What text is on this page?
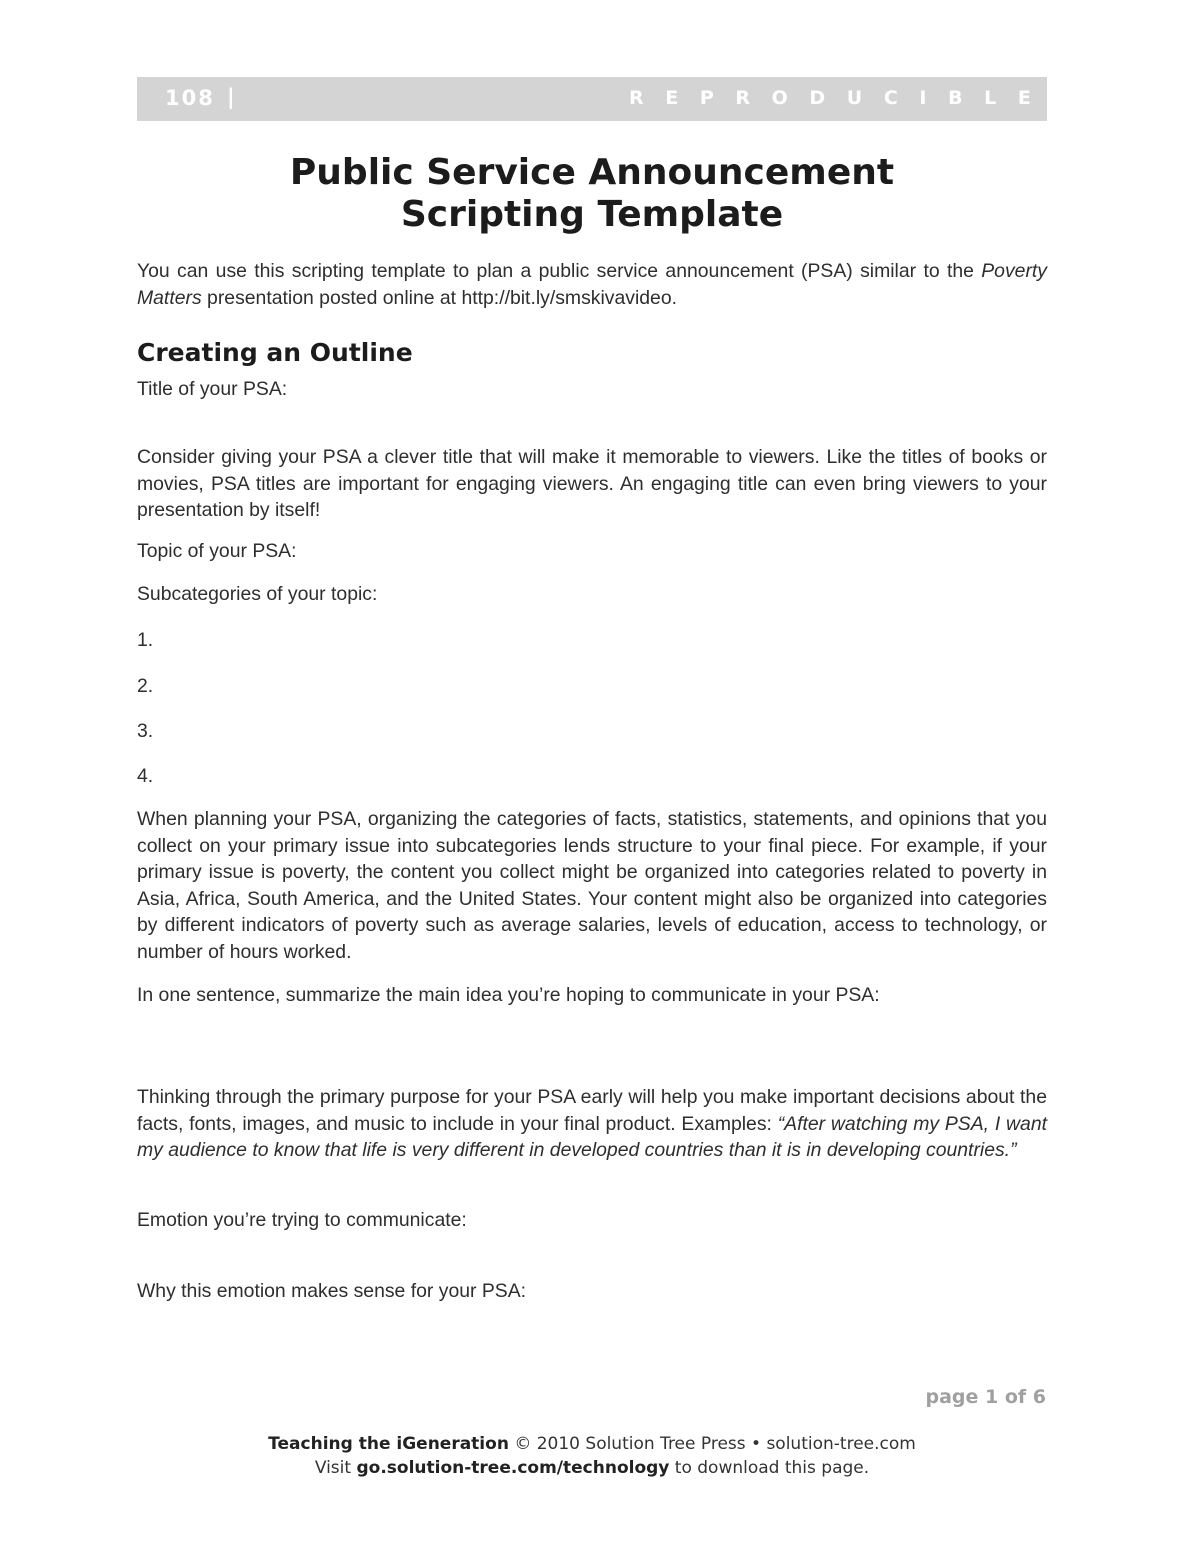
108 |	R E P R O D U C I B L E
Public Service Announcement
Scripting Template

You can use this scripting template to plan a public service announcement (PSA) similar to the Poverty Matters presentation posted online at http://bit.ly/smskivavideo.

Creating an Outline

Title of your PSA:

Consider giving your PSA a clever title that will make it memorable to viewers. Like the titles of books or movies, PSA titles are important for engaging viewers. An engaging title can even bring viewers to your presentation by itself!

Topic of your PSA:

Subcategories of your topic:

1.

2.

3.

4.

When planning your PSA, organizing the categories of facts, statistics, statements, and opinions that you collect on your primary issue into subcategories lends structure to your final piece. For example, if your primary issue is poverty, the content you collect might be organized into categories related to poverty in Asia, Africa, South America, and the United States. Your content might also be organized into categories by different indicators of poverty such as average salaries, levels of education, access to technology, or number of hours worked.

In one sentence, summarize the main idea you’re hoping to communicate in your PSA:

Thinking through the primary purpose for your PSA early will help you make important decisions about the facts, fonts, images, and music to include in your final product. Examples: “After watching my PSA, I want my audience to know that life is very different in developed countries than it is in developing countries.”

Emotion you’re trying to communicate:

Why this emotion makes sense for your PSA:

page 1 of 6
Teaching the iGeneration © 2010 Solution Tree Press • solution-tree.com
Visit go.solution-tree.com/technology to download this page.
